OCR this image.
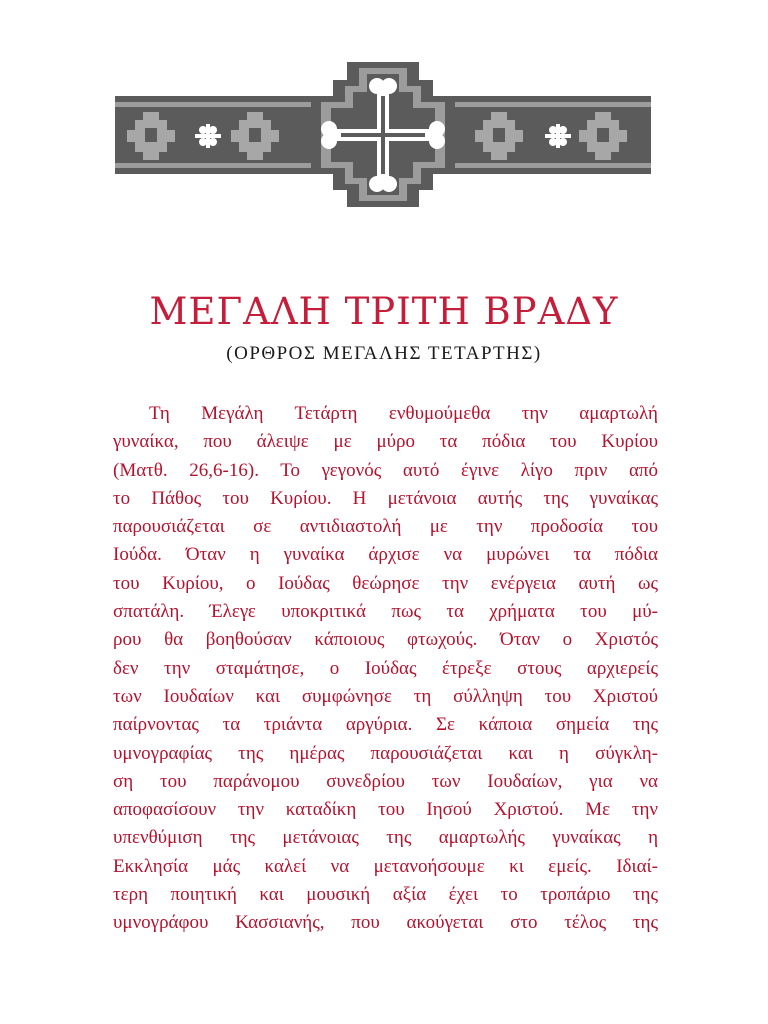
ΜΕΓΑΛΗ ΤΡΙΤΗ ΒΡΑΔΥ
(ΟΡΘΡΟΣ ΜΕΓΑΛΗΣ ΤΕΤΑΡΤΗΣ)
Τη Μεγάλη Τετάρτη ενθυμούμεθα την αμαρτωλή
γυναίκα, που άλειψε με μύρο τα πόδια του Κυρίου
(Ματθ. 26,6-16). Το γεγονός αυτό έγινε λίγο πριν από
το Πάθος του Κυρίου. Η μετάνοια αυτής της γυναίκας
παρουσιάζεται σε αντιδιαστολή με την προδοσία του
Ιούδα. Όταν η γυναίκα άρχισε να μυρώνει τα πόδια
του Κυρίου, ο Ιούδας θεώρησε την ενέργεια αυτή ως
σπατάλη. Έλεγε υποκριτικά πως τα χρήματα του μύ-
ρου θα βοηθούσαν κάποιους φτωχούς. Όταν ο Χριστός
δεν την σταμάτησε, ο Ιούδας έτρεξε στους αρχιερείς
των Ιουδαίων και συμφώνησε τη σύλληψη του Χριστού
παίρνοντας τα τριάντα αργύρια. Σε κάποια σημεία της
υμνογραφίας της ημέρας παρουσιάζεται και η σύγκλη-
ση του παράνομου συνεδρίου των Ιουδαίων, για να
αποφασίσουν την καταδίκη του Ιησού Χριστού. Με την
υπενθύμιση της μετάνοιας της αμαρτωλής γυναίκας η
Εκκλησία μάς καλεί να μετανοήσουμε κι εμείς. Ιδιαί-
τερη ποιητική και μουσική αξία έχει το τροπάριο της
υμνογράφου Κασσιανής, που ακούγεται στο τέλος της
